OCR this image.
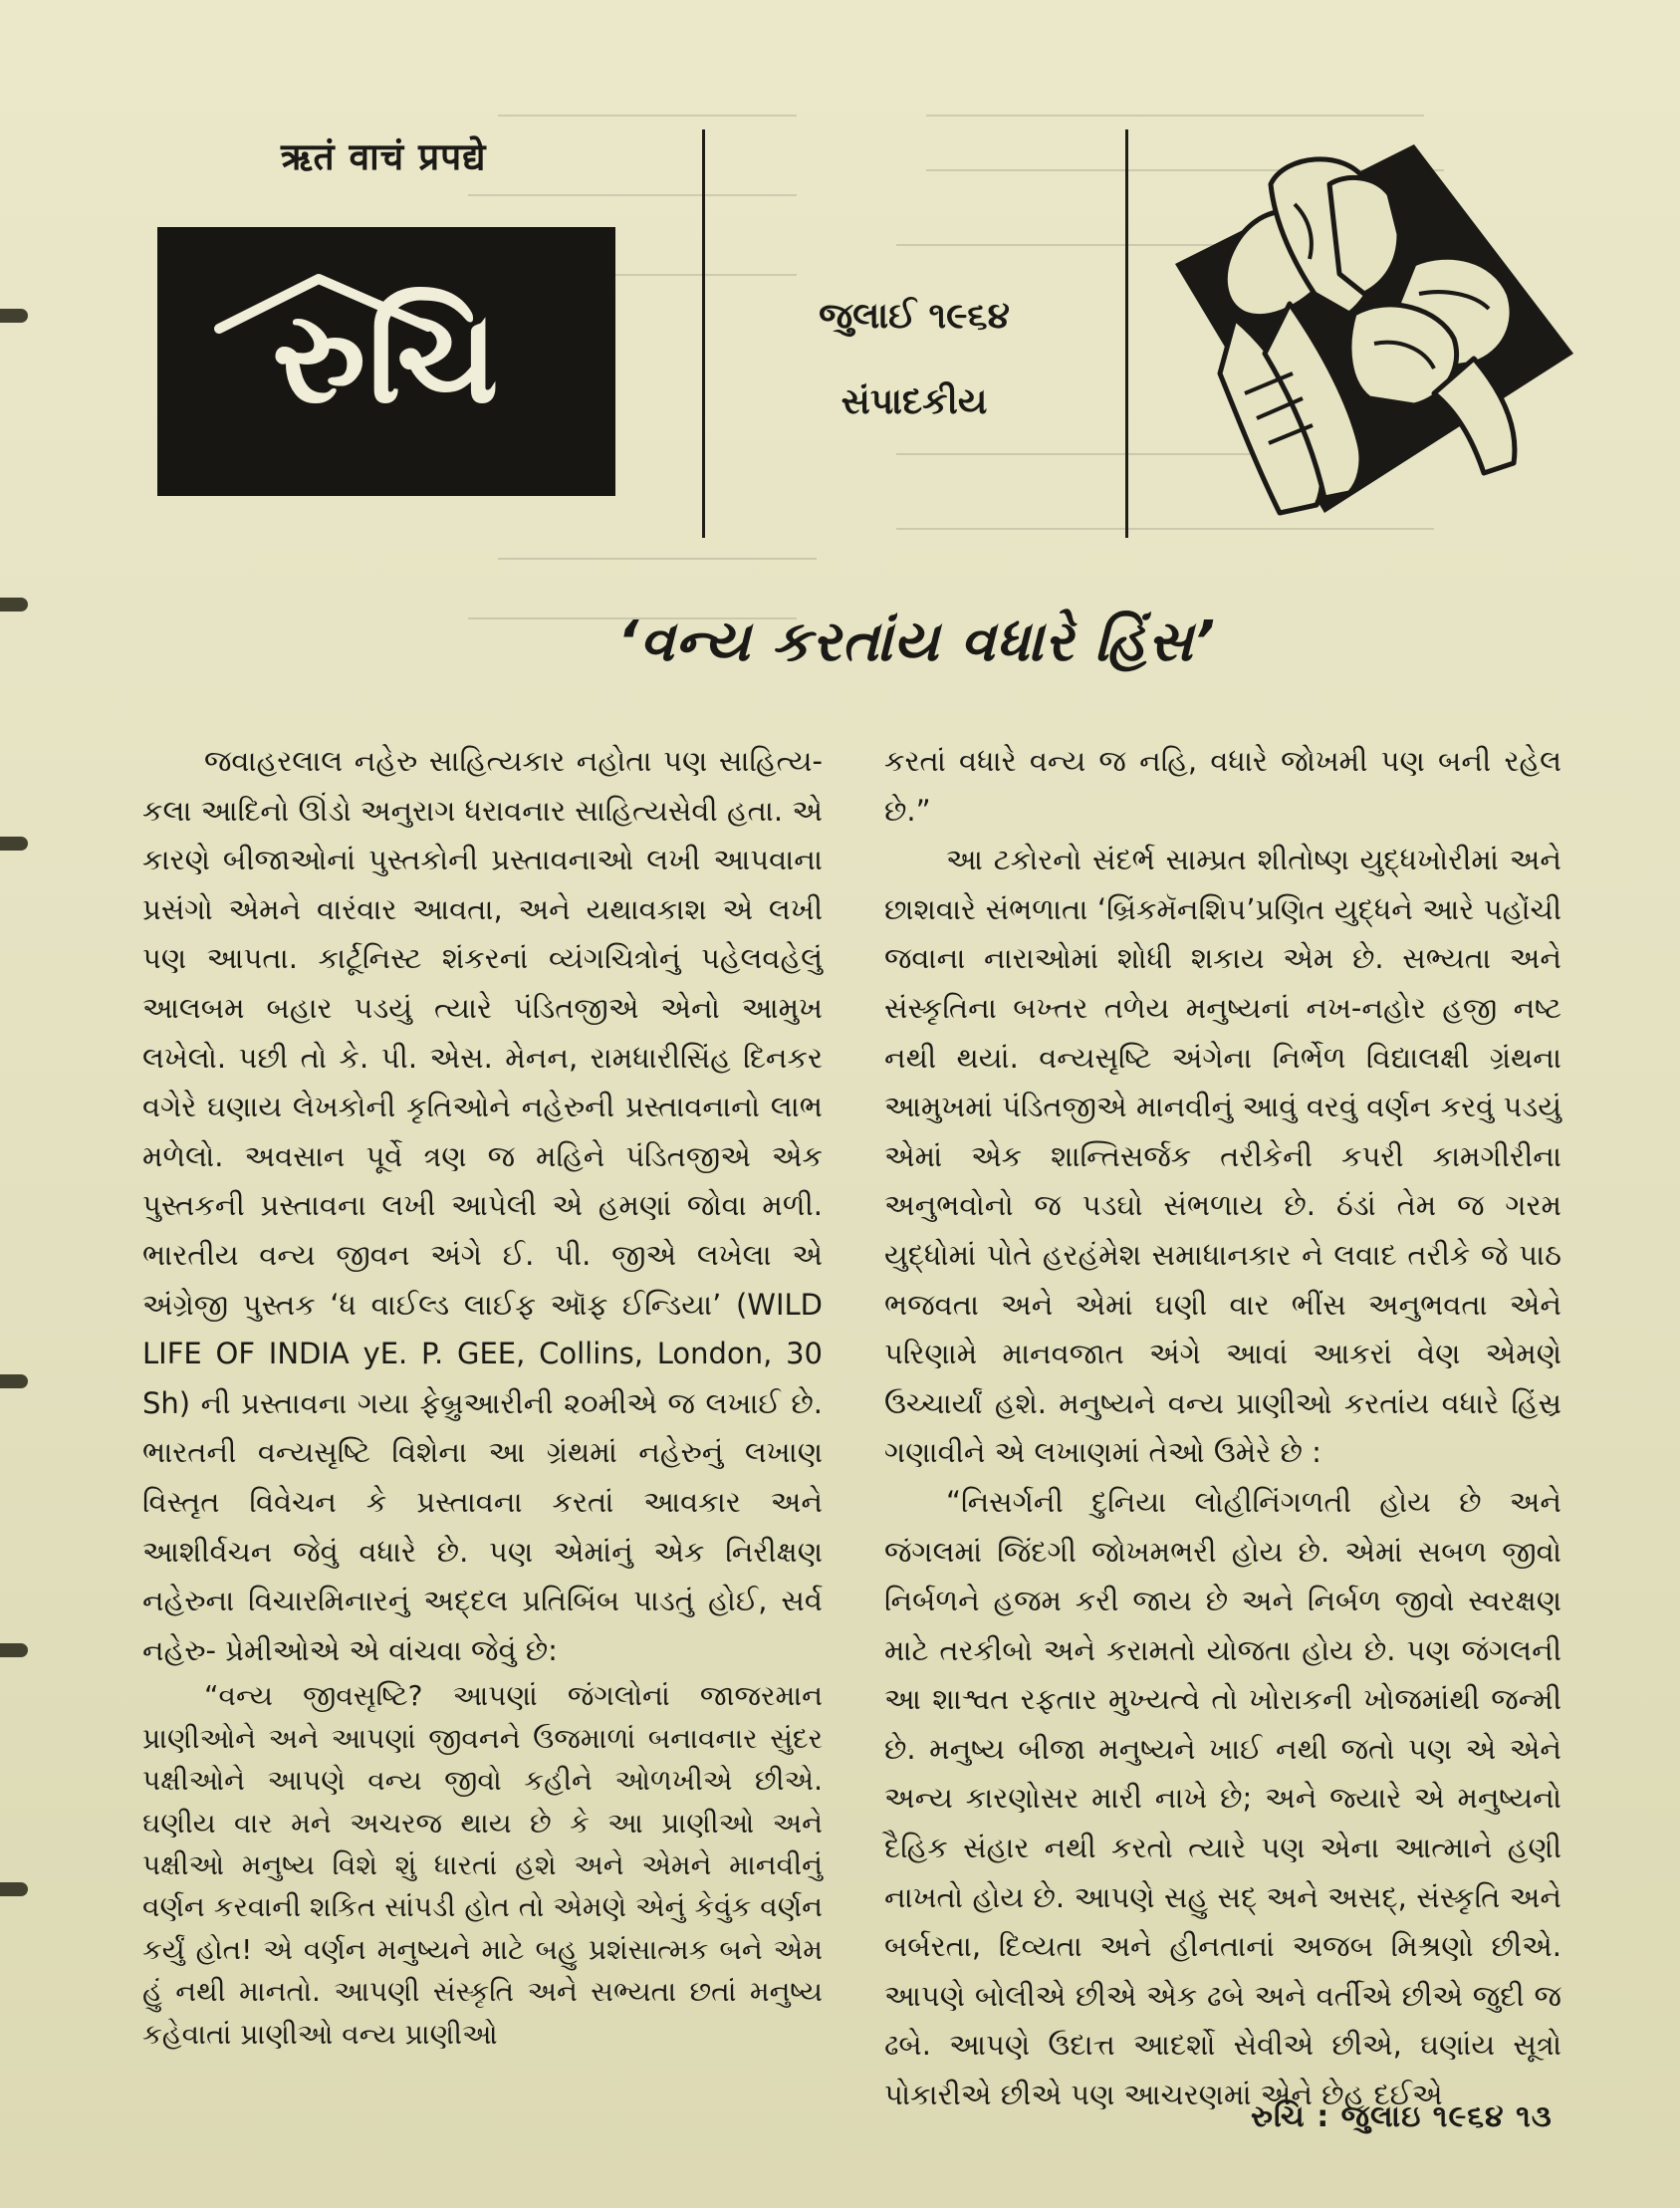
ऋतं वाचं प्रपद्ये
રુચિ	જુલાઈ ૧૯૬૪
સંપાદકીય
‘વન્ય કરતાંય વધારે હિંસ’

જવાહરલાલ નહેરુ સાહિત્યકાર નહોતા પણ સાહિત્ય-કલા આદિનો ઊંડો અનુરાગ ધરાવનાર સાહિત્યસેવી હતા. એ કારણે બીજાઓનાં પુસ્તકોની પ્રસ્તાવનાઓ લખી આપવાના પ્રસંગો એમને વારંવાર આવતા, અને યથાવકાશ એ લખી પણ આપતા. કાર્ટૂનિસ્ટ શંકરનાં વ્યંગચિત્રોનું પહેલવહેલું આલબમ બહાર પડયું ત્યારે પંડિતજીએ એનો આમુખ લખેલો. પછી તો કે. પી. એસ. મેનન, રામધારીસિંહ દિનકર વગેરે ઘણાય લેખકોની કૃતિઓને નહેરુની પ્રસ્તાવનાનો લાભ મળેલો. અવસાન પૂર્વે ત્રણ જ મહિને પંડિતજીએ એક પુસ્તકની પ્રસ્તાવના લખી આપેલી એ હમણાં જોવા મળી. ભારતીય વન્ય જીવન અંગે ઈ. પી. જીએ લખેલા એ અંગ્રેજી પુસ્તક ‘ધ વાઈલ્ડ લાઈફ ઑફ ઈન્ડિયા’ (WILD LIFE OF INDIA yE. P. GEE, Collins, London, 30 Sh) ની પ્રસ્તાવના ગયા ફેબ્રુઆરીની ૨૦મીએ જ લખાઈ છે. ભારતની વન્યસૃષ્ટિ વિશેના આ ગ્રંથમાં નહેરુનું લખાણ વિસ્તૃત વિવેચન કે પ્રસ્તાવના કરતાં આવકાર અને આશીર્વચન જેવું વધારે છે. પણ એમાંનું એક નિરીક્ષણ નહેરુના વિચારમિનારનું અદ્દલ પ્રતિબિંબ પાડતું હોઈ, સર્વ નહેરુ- પ્રેમીઓએ એ વાંચવા જેવું છે:

“વન્ય જીવસૃષ્ટિ? આપણાં જંગલોનાં જાજરમાન પ્રાણીઓને અને આપણાં જીવનને ઉજમાળાં બનાવનાર સુંદર પક્ષીઓને આપણે વન્ય જીવો કહીને ઓળખીએ છીએ. ઘણીય વાર મને અચરજ થાય છે કે આ પ્રાણીઓ અને પક્ષીઓ મનુષ્ય વિશે શું ધારતાં હશે અને એમને માનવીનું વર્ણન કરવાની શકિત સાંપડી હોત તો એમણે એનું કેવુંક વર્ણન કર્યું હોત! એ વર્ણન મનુષ્યને માટે બહુ પ્રશંસાત્મક બને એમ હું નથી માનતો. આપણી સંસ્કૃતિ અને સભ્યતા છતાં મનુષ્ય કહેવાતાં પ્રાણીઓ વન્ય પ્રાણીઓ

કરતાં વધારે વન્ય જ નહિ, વધારે જોખમી પણ બની રહેલ છે.”

આ ટકોરનો સંદર્ભ સામ્પ્રત શીતોષ્ણ યુદ્ધખોરીમાં અને છાશવારે સંભળાતા ‘બ્રિંકમૅનશિપ’પ્રણિત યુદ્ધને આરે પહોંચી જવાના નારાઓમાં શોધી શકાય એમ છે. સભ્યતા અને સંસ્કૃતિના બખ્તર તળેય મનુષ્યનાં નખ-નહોર હજી નષ્ટ નથી થયાં. વન્યસૃષ્ટિ અંગેના નિર્ભેળ વિદ્યાલક્ષી ગ્રંથના આમુખમાં પંડિતજીએ માનવીનું આવું વરવું વર્ણન કરવું પડયું એમાં એક શાન્તિસર્જક તરીકેની કપરી કામગીરીના અનુભવોનો જ પડઘો સંભળાય છે. ઠંડાં તેમ જ ગરમ યુદ્ધોમાં પોતે હરહંમેશ સમાધાનકાર ને લવાદ તરીકે જે પાઠ ભજવતા અને એમાં ઘણી વાર ભીંસ અનુભવતા એને પરિણામે માનવજાત અંગે આવાં આકરાં વેણ એમણે ઉચ્ચાર્યાં હશે. મનુષ્યને વન્ય પ્રાણીઓ કરતાંય વધારે હિંસ્ર ગણાવીને એ લખાણમાં તેઓ ઉમેરે છે :

“નિસર્ગની દુનિયા લોહીનિંગળતી હોય છે અને જંગલમાં જિંદગી જોખમભરી હોય છે. એમાં સબળ જીવો નિર્બળને હજમ કરી જાય છે અને નિર્બળ જીવો સ્વરક્ષણ માટે તરકીબો અને કરામતો યોજતા હોય છે. પણ જંગલની આ શાશ્વત રફતાર મુખ્યત્વે તો ખોરાકની ખોજમાંથી જન્મી છે. મનુષ્ય બીજા મનુષ્યને ખાઈ નથી જતો પણ એ એને અન્ય કારણોસર મારી નાખે છે; અને જ્યારે એ મનુષ્યનો દૈહિક સંહાર નથી કરતો ત્યારે પણ એના આત્માને હણી નાખતો હોય છે. આપણે સહુ સદ્ અને અસદ્, સંસ્કૃતિ અને બર્બરતા, દિવ્યતા અને હીનતાનાં અજબ મિશ્રણો છીએ. આપણે બોલીએ છીએ એક ઢબે અને વર્તીએ છીએ જુદી જ ઢબે. આપણે ઉદાત્ત આદર્શો સેવીએ છીએ, ઘણાંય સૂત્રો પોકારીએ છીએ પણ આચરણમાં એને છેહ દઈએ

રુચિ : જુલાઇ ૧૯૬૪ ૧૩
